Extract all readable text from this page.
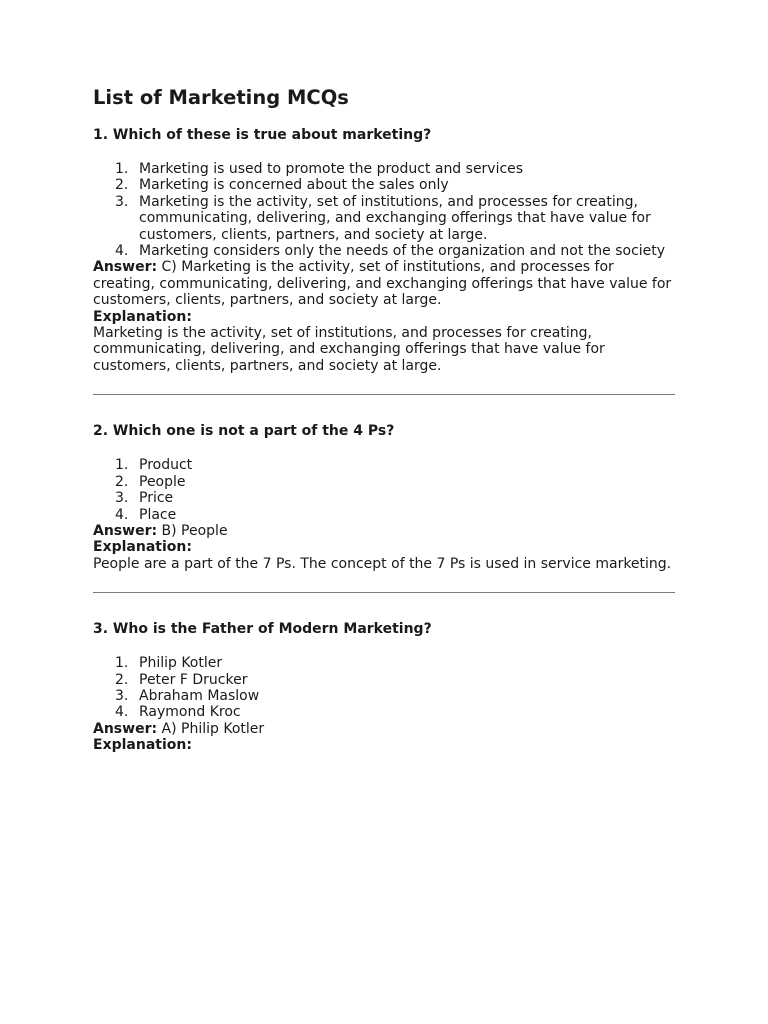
List of Marketing MCQs

1. Which of these is true about marketing?

1. Marketing is used to promote the product and services
2. Marketing is concerned about the sales only
3. Marketing is the activity, set of institutions, and processes for creating, communicating, delivering, and exchanging offerings that have value for customers, clients, partners, and society at large.
4. Marketing considers only the needs of the organization and not the society

Answer: C) Marketing is the activity, set of institutions, and processes for creating, communicating, delivering, and exchanging offerings that have value for customers, clients, partners, and society at large.

Explanation:

Marketing is the activity, set of institutions, and processes for creating, communicating, delivering, and exchanging offerings that have value for customers, clients, partners, and society at large.

2. Which one is not a part of the 4 Ps?

1. Product
2. People
3. Price
4. Place

Answer: B) People

Explanation:

People are a part of the 7 Ps. The concept of the 7 Ps is used in service marketing.

3. Who is the Father of Modern Marketing?

1. Philip Kotler
2. Peter F Drucker
3. Abraham Maslow
4. Raymond Kroc

Answer: A) Philip Kotler

Explanation:
